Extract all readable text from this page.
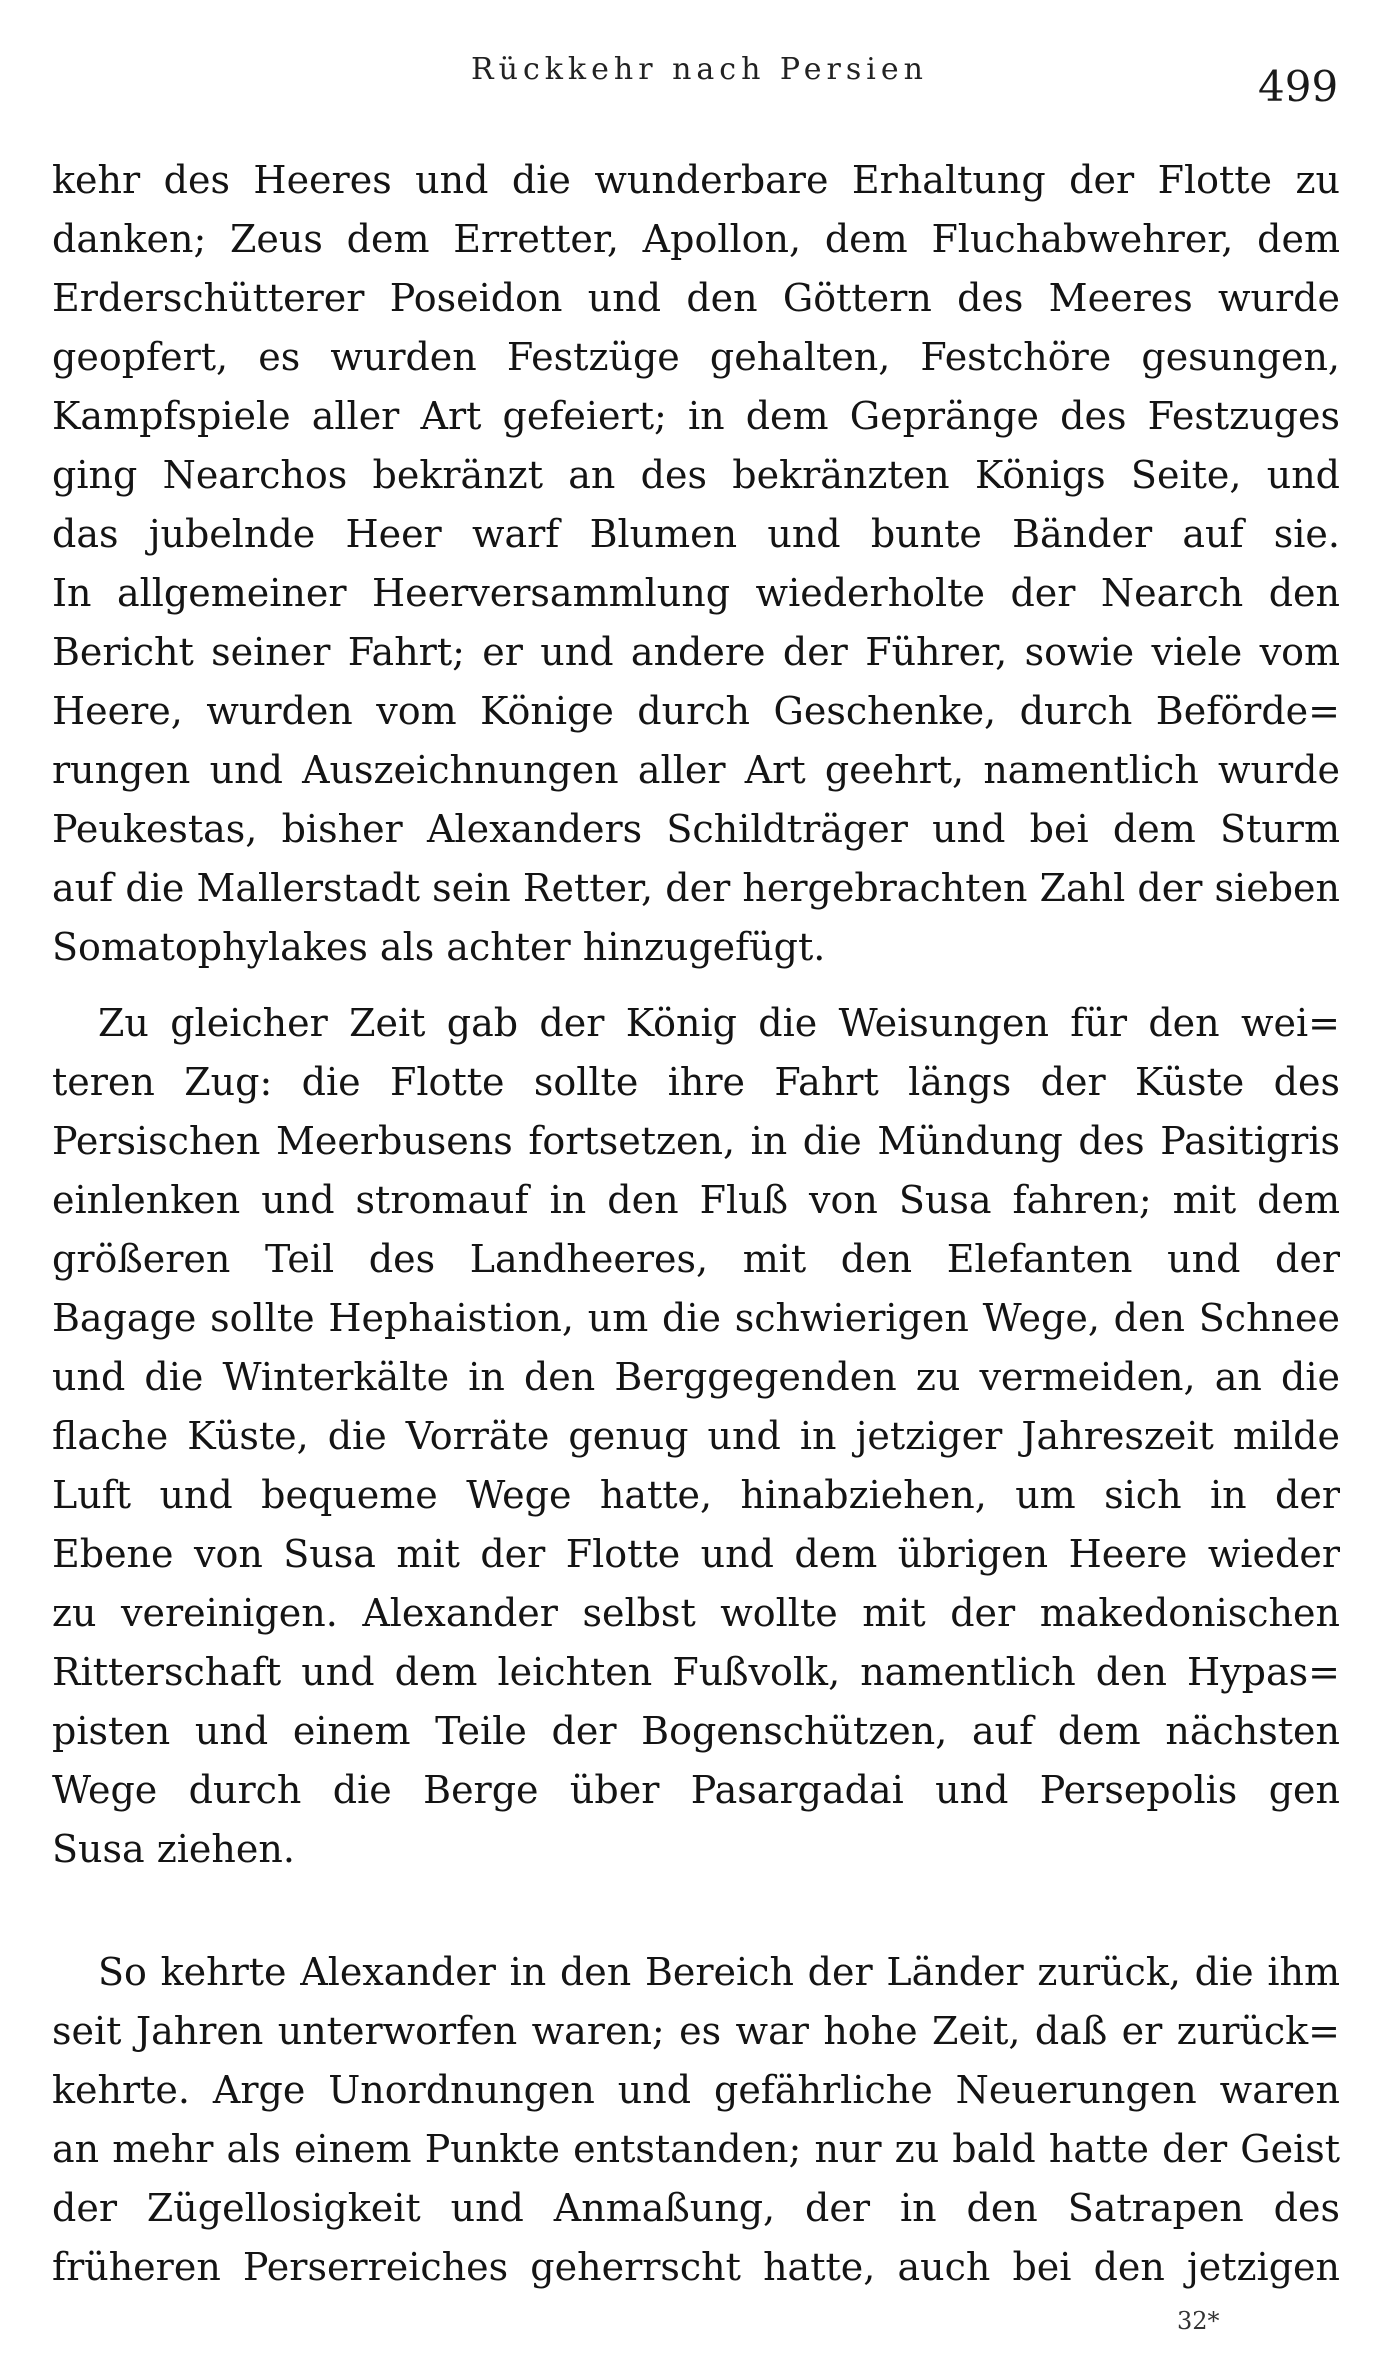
Rückkehr nach Persien	499
kehr des Heeres und die wunderbare Erhaltung der Flotte zu
danken; Zeus dem Erretter, Apollon, dem Fluchabwehrer, dem
Erderschütterer Poseidon und den Göttern des Meeres wurde
geopfert, es wurden Festzüge gehalten, Festchöre gesungen,
Kampfspiele aller Art gefeiert; in dem Gepränge des Festzuges
ging Nearchos bekränzt an des bekränzten Königs Seite, und
das jubelnde Heer warf Blumen und bunte Bänder auf sie.
In allgemeiner Heerversammlung wiederholte der Nearch den
Bericht seiner Fahrt; er und andere der Führer, sowie viele vom
Heere, wurden vom Könige durch Geschenke, durch Beförde=
rungen und Auszeichnungen aller Art geehrt, namentlich wurde
Peukestas, bisher Alexanders Schildträger und bei dem Sturm
auf die Mallerstadt sein Retter, der hergebrachten Zahl der sieben
Somatophylakes als achter hinzugefügt.
Zu gleicher Zeit gab der König die Weisungen für den wei=
teren Zug: die Flotte sollte ihre Fahrt längs der Küste des
Persischen Meerbusens fortsetzen, in die Mündung des Pasitigris
einlenken und stromauf in den Fluß von Susa fahren; mit dem
größeren Teil des Landheeres, mit den Elefanten und der
Bagage sollte Hephaistion, um die schwierigen Wege, den Schnee
und die Winterkälte in den Berggegenden zu vermeiden, an die
flache Küste, die Vorräte genug und in jetziger Jahreszeit milde
Luft und bequeme Wege hatte, hinabziehen, um sich in der
Ebene von Susa mit der Flotte und dem übrigen Heere wieder
zu vereinigen. Alexander selbst wollte mit der makedonischen
Ritterschaft und dem leichten Fußvolk, namentlich den Hypas=
pisten und einem Teile der Bogenschützen, auf dem nächsten
Wege durch die Berge über Pasargadai und Persepolis gen
Susa ziehen.
So kehrte Alexander in den Bereich der Länder zurück, die ihm
seit Jahren unterworfen waren; es war hohe Zeit, daß er zurück=
kehrte. Arge Unordnungen und gefährliche Neuerungen waren
an mehr als einem Punkte entstanden; nur zu bald hatte der Geist
der Zügellosigkeit und Anmaßung, der in den Satrapen des
früheren Perserreiches geherrscht hatte, auch bei den jetzigen
32*
